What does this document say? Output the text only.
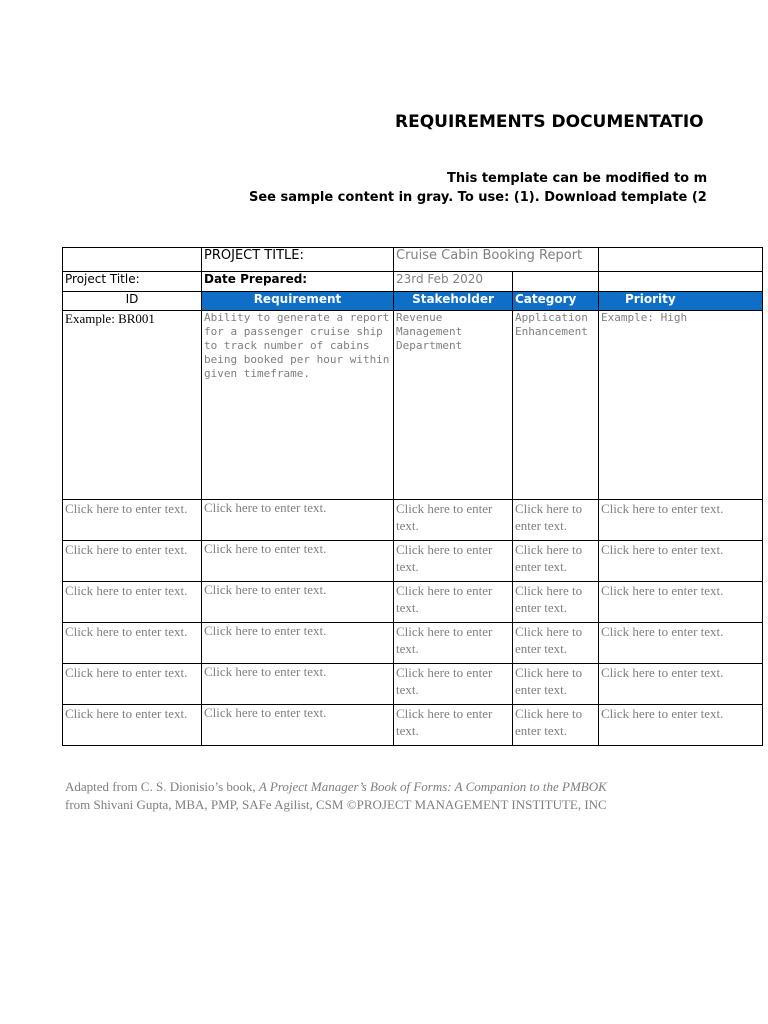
REQUIREMENTS DOCUMENTATIO
This template can be modified to m
See sample content in gray. To use: (1). Download template (2
	PROJECT TITLE:	Cruise Cabin Booking Report		
Project Title:	Date Prepared:	23rd Feb 2020		
ID	Requirement	Stakeholder	Category	Priority
Example: BR001	Ability to generate a report for a passenger cruise ship to track number of cabins being booked per hour within given timeframe.	Revenue Management Department	Application Enhancement	Example: High
Click here to enter text.	Click here to enter text.	Click here to enter text.	Click here to enter text.	Click here to enter text.
Click here to enter text.	Click here to enter text.	Click here to enter text.	Click here to enter text.	Click here to enter text.
Click here to enter text.	Click here to enter text.	Click here to enter text.	Click here to enter text.	Click here to enter text.
Click here to enter text.	Click here to enter text.	Click here to enter text.	Click here to enter text.	Click here to enter text.
Click here to enter text.	Click here to enter text.	Click here to enter text.	Click here to enter text.	Click here to enter text.
Click here to enter text.	Click here to enter text.	Click here to enter text.	Click here to enter text.	Click here to enter text.
Adapted from C. S. Dionisio’s book, A Project Manager’s Book of Forms: A Companion to the PMBOK
from Shivani Gupta, MBA, PMP, SAFe Agilist, CSM ©PROJECT MANAGEMENT INSTITUTE, INC
